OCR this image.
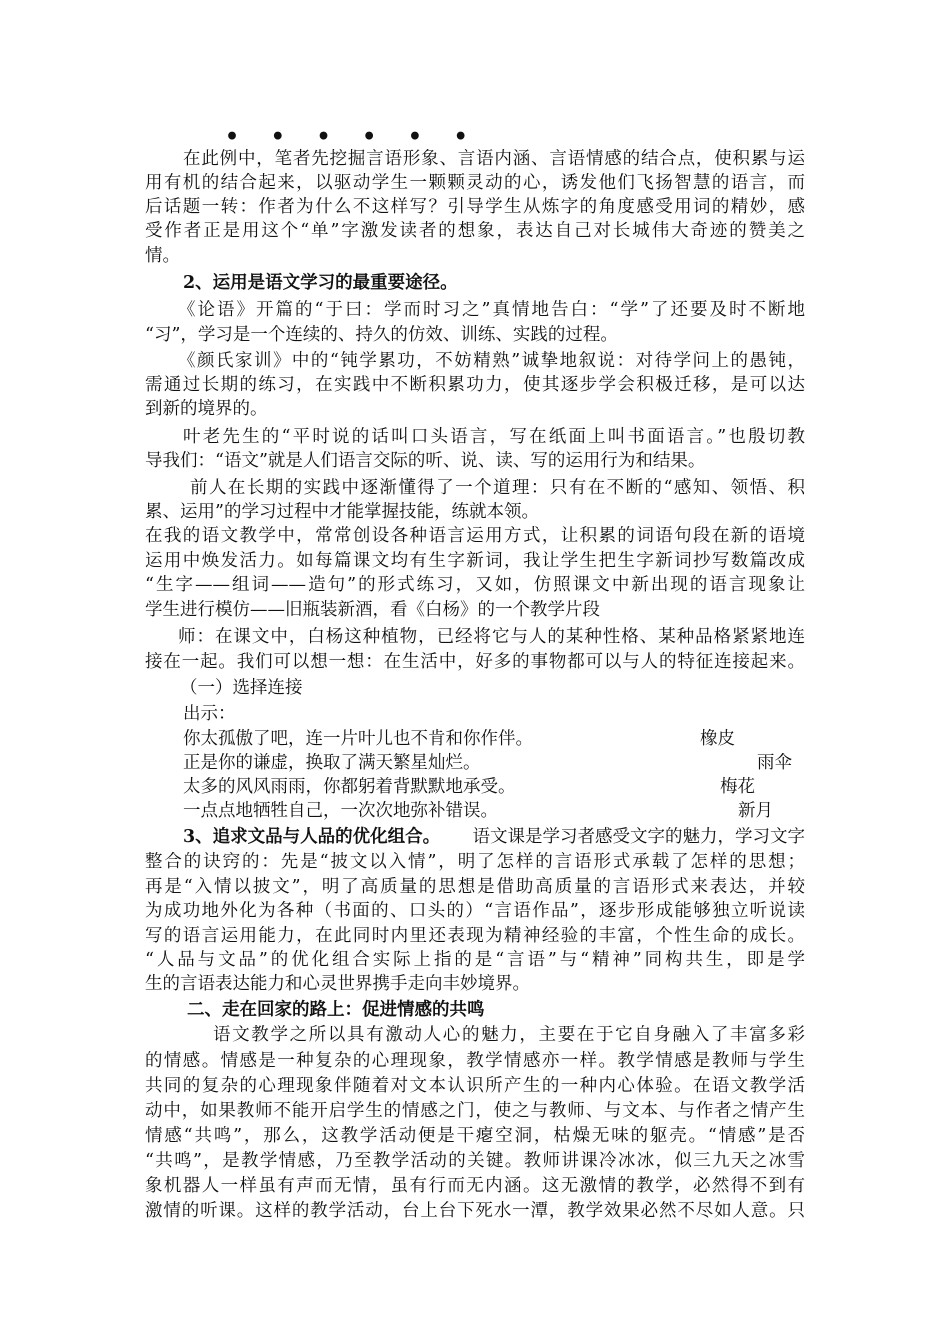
• • • • • •
在此例中，笔者先挖掘言语形象、言语内涵、言语情感的结合点，使积累与运
用有机的结合起来，以驱动学生一颗颗灵动的心，诱发他们飞扬智慧的语言，而
后话题一转：作者为什么不这样写？引导学生从炼字的角度感受用词的精妙，感
受作者正是用这个“单”字激发读者的想象，表达自己对长城伟大奇迹的赞美之
情。
2、运用是语文学习的最重要途径。
《论语》开篇的“于曰：学而时习之”真情地告白：“学”了还要及时不断地
“习”，学习是一个连续的、持久的仿效、训练、实践的过程。
《颜氏家训》中的“钝学累功，不妨精熟”诚挚地叙说：对待学问上的愚钝，
需通过长期的练习，在实践中不断积累功力，使其逐步学会积极迁移，是可以达
到新的境界的。
叶老先生的“平时说的话叫口头语言，写在纸面上叫书面语言。”也殷切教
导我们：“语文”就是人们语言交际的听、说、读、写的运用行为和结果。
前人在长期的实践中逐渐懂得了一个道理：只有在不断的“感知、领悟、积
累、运用”的学习过程中才能掌握技能，练就本领。
在我的语文教学中，常常创设各种语言运用方式，让积累的词语句段在新的语境
运用中焕发活力。如每篇课文均有生字新词，我让学生把生字新词抄写数篇改成
“生字——组词——造句”的形式练习，又如，仿照课文中新出现的语言现象让
学生进行模仿——旧瓶装新酒，看《白杨》的一个教学片段
师：在课文中，白杨这种植物，已经将它与人的某种性格、某种品格紧紧地连
接在一起。我们可以想一想：在生活中，好多的事物都可以与人的特征连接起来。
（一）选择连接
出示：
你太孤傲了吧，连一片叶儿也不肯和你作伴。	橡皮
正是你的谦虚，换取了满天繁星灿烂。	雨伞
太多的风风雨雨，你都躬着背默默地承受。	梅花
一点点地牺牲自己，一次次地弥补错误。	新月
3、追求文品与人品的优化组合。 语文课是学习者感受文字的魅力，学习文字
整合的诀窍的：先是“披文以入情”，明了怎样的言语形式承载了怎样的思想；
再是“入情以披文”，明了高质量的思想是借助高质量的言语形式来表达，并较
为成功地外化为各种（书面的、口头的）“言语作品”，逐步形成能够独立听说读
写的语言运用能力，在此同时内里还表现为精神经验的丰富，个性生命的成长。
“人品与文品”的优化组合实际上指的是“言语”与“精神”同构共生，即是学
生的言语表达能力和心灵世界携手走向丰妙境界。
二、走在回家的路上：促进情感的共鸣
语文教学之所以具有激动人心的魅力，主要在于它自身融入了丰富多彩
的情感。情感是一种复杂的心理现象，教学情感亦一样。教学情感是教师与学生
共同的复杂的心理现象伴随着对文本认识所产生的一种内心体验。在语文教学活
动中，如果教师不能开启学生的情感之门，使之与教师、与文本、与作者之情产生
情感“共鸣”，那么，这教学活动便是干瘪空洞，枯燥无味的躯壳。“情感”是否
“共鸣”，是教学情感，乃至教学活动的关键。教师讲课冷冰冰，似三九天之冰雪
象机器人一样虽有声而无情，虽有行而无内涵。这无激情的教学，必然得不到有
激情的听课。这样的教学活动，台上台下死水一潭，教学效果必然不尽如人意。只
